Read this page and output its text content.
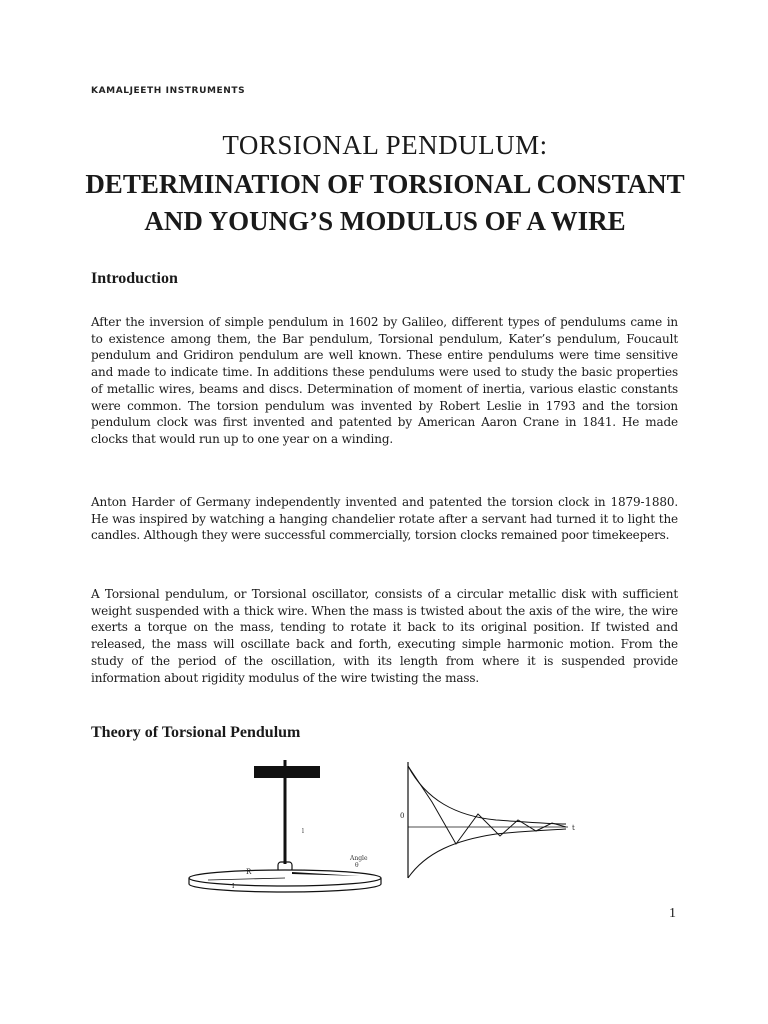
KAMALJEETH INSTRUMENTS
TORSIONAL PENDULUM:
DETERMINATION OF TORSIONAL CONSTANT AND YOUNG’S MODULUS OF A WIRE
Introduction

After the inversion of simple pendulum in 1602 by Galileo, different types of pendulums came in to existence among them, the Bar pendulum, Torsional pendulum, Kater’s pendulum, Foucault pendulum and Gridiron pendulum are well known. These entire pendulums were time sensitive and made to indicate time. In additions these pendulums were used to study the basic properties of metallic wires, beams and discs. Determination of moment of inertia, various elastic constants were common. The torsion pendulum was invented by Robert Leslie in 1793 and the torsion pendulum clock was first invented and patented by American Aaron Crane in 1841. He made clocks that would run up to one year on a winding.

Anton Harder of Germany independently invented and patented the torsion clock in 1879-1880. He was inspired by watching a hanging chandelier rotate after a servant had turned it to light the candles. Although they were successful commercially, torsion clocks remained poor timekeepers.

A Torsional pendulum, or Torsional oscillator, consists of a circular metallic disk with sufficient weight suspended with a thick wire. When the mass is twisted about the axis of the wire, the wire exerts a torque on the mass, tending to rotate it back to its original position. If twisted and released, the mass will oscillate back and forth, executing simple harmonic motion. From the study of the period of the oscillation, with its length from where it is suspended provide information about rigidity modulus of the wire twisting the mass.

Theory of Torsional Pendulum
l
R
I
Angle
θ
0
t
1
